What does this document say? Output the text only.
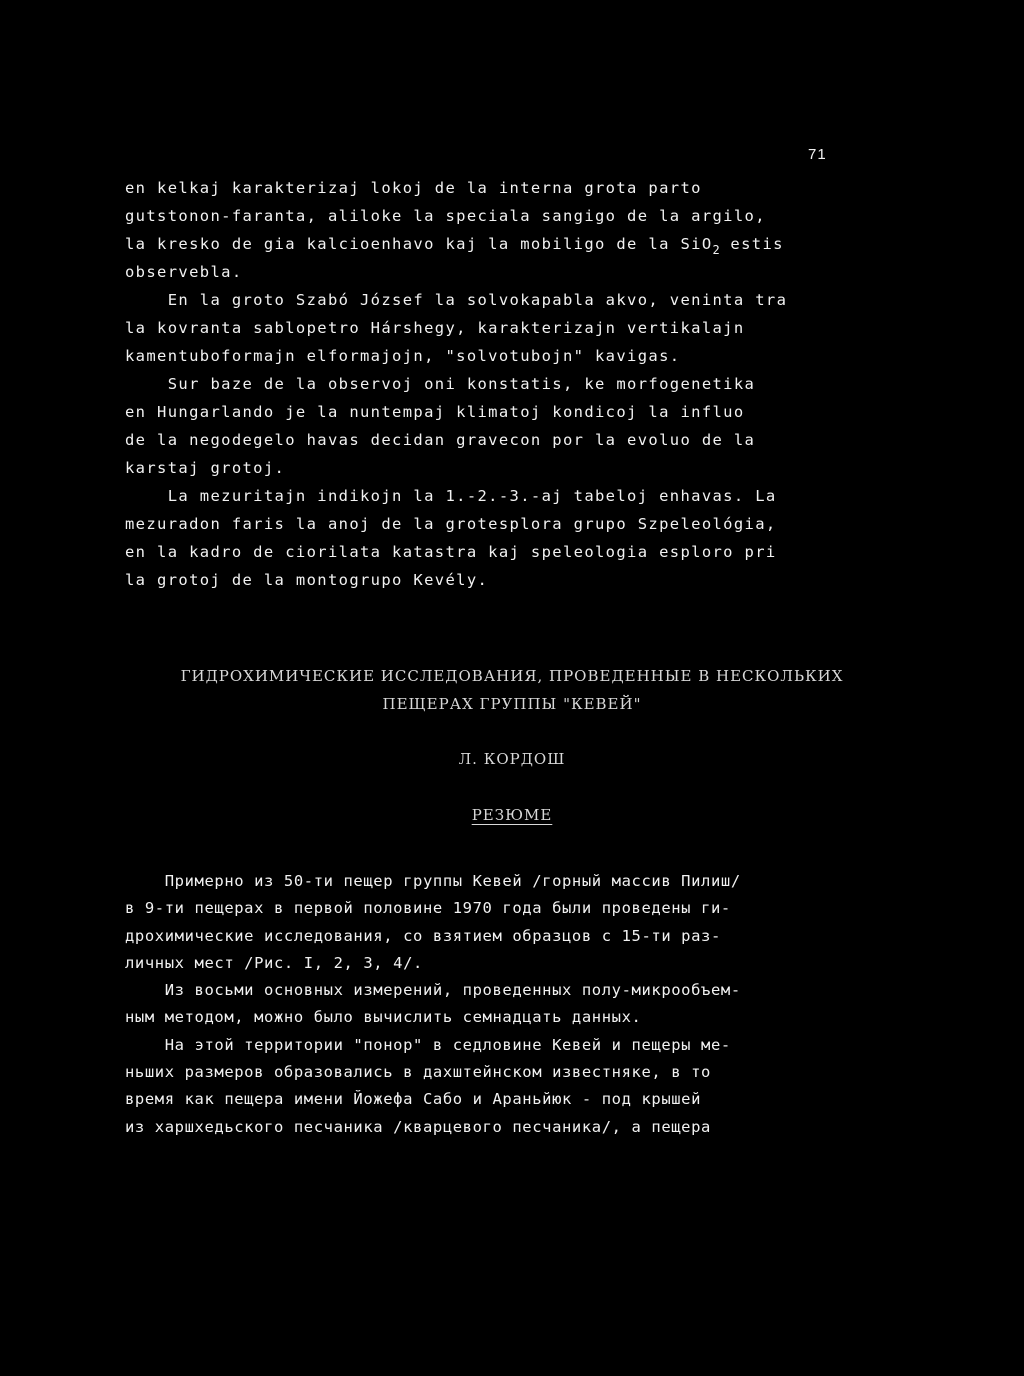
71
en kelkaj karakterizaj lokoj de la interna grota parto
gutstonon-faranta, aliloke la speciala sangigo de la argilo,
la kresko de gia kalcioenhavo kaj la mobiligo de la SiO$_2$ estis
observebla.
En la groto Szabó József la solvokapabla akvo, veninta tra
la kovranta sablopetro Hárshegy, karakterizajn vertikalajn
kamentuboformajn elformajojn, "solvotubojn" kavigas.
Sur baze de la observoj oni konstatis, ke morfogenetika
en Hungarlando je la nuntempaj klimatoj kondicoj la influo
de la negodegelo havas decidan gravecon por la evoluo de la
karstaj grotoj.
La mezuritajn indikojn la 1.-2.-3.-aj tabeloj enhavas. La
mezuradon faris la anoj de la grotesplora grupo Szpeleológia,
en la kadro de ciorilata katastra kaj speleologia esploro pri
la grotoj de la montogrupo Kevély.
ГИДРОХИМИЧЕСКИЕ ИССЛЕДОВАНИЯ, ПРОВЕДЕННЫЕ В НЕСКОЛЬКИХ
ПЕЩЕРАХ ГРУППЫ "КЕВЕЙ"
Л. КОРДОШ
РЕЗЮМЕ
Примерно из 50-ти пещер группы Кевей /горный массив Пилиш/
в 9-ти пещерах в первой половине 1970 года были проведены ги-
дрохимические исследования, со взятием образцов с 15-ти раз-
личных мест /Рис. I, 2, 3, 4/.
Из восьми основных измерений, проведенных полу-микрообъем-
ным методом, можно было вычислить семнадцать данных.
На этой территории "понор" в седловине Кевей и пещеры ме-
ньших размеров образовались в дахштейнском известняке, в то
время как пещера имени Йожефа Сабо и Араньйюк - под крышей
из харшхедьского песчаника /кварцевого песчаника/, а пещера
